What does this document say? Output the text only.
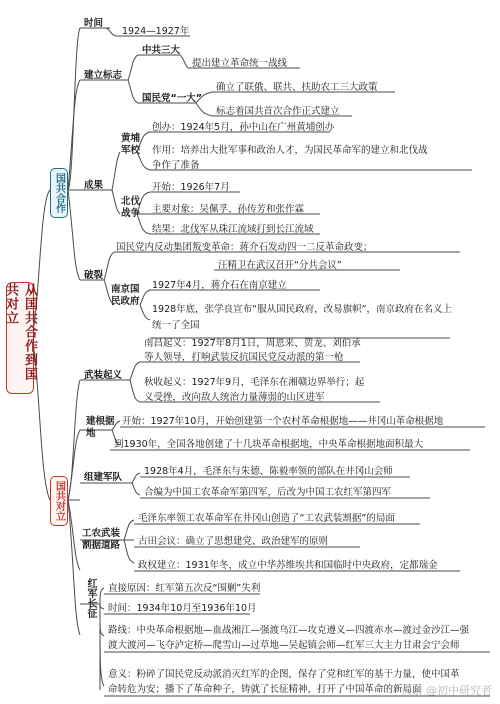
从国共合作到国共对立
国共合作
时间
1924—1927年
建立标志
中共三大
提出建立革命统一战线
国民党“一大”
确立了联俄、联共、扶助农工三大政策
标志着国共首次合作正式建立
成果
黄埔军校
创办：1924年5月，孙中山在广州黄埔创办
作用：培养出大批军事和政治人才，为国民革命军的建立和北伐战
争作了准备
北伐战争
开始：1926年7月
主要对象：吴佩孚、孙传芳和张作霖
结果：北伐军从珠江流域打到长江流域
破裂
国民党内反动集团叛变革命：蒋介石发动四一二反革命政变；
汪精卫在武汉召开“分共会议”
南京国民政府
1927年4月，蒋介石在南京建立
1928年底，张学良宣布“服从国民政府，改易旗帜”，南京政府在名义上
统一了全国
国共对立
武装起义
南昌起义：1927年8月1日，周恩来、贺龙、刘伯承
等人领导，打响武装反抗国民党反动派的第一枪
秋收起义：1927年9月，毛泽东在湘赣边界举行；起
义受挫，改向敌人统治力量薄弱的山区进军
建根据地
开始：1927年10月，开始创建第一个农村革命根据地——井冈山革命根据地
到1930年，全国各地创建了十几块革命根据地，中央革命根据地面积最大
组建军队
1928年4月，毛泽东与朱德、陈毅率领的部队在井冈山会师
合编为中国工农革命军第四军，后改为中国工农红军第四军
工农武装割据道路
毛泽东率领工农革命军在井冈山创造了“工农武装割据”的局面
古田会议：确立了思想建党、政治建军的原则
政权建立：1931年冬，成立中华苏维埃共和国临时中央政府，定都瑞金
红军长征 直接原因：红军第五次反“围剿”失利
时间：1934年10月至1936年10月
路线：中央革命根据地—血战湘江—强渡乌江—攻克遵义—四渡赤水—渡过金沙江—强
渡大渡河—飞夺泸定桥—爬雪山—过草地—吴起镇会师—红军三大主力甘肃会宁会师
意义：粉碎了国民党反动派消灭红军的企图，保存了党和红军的基干力量，使中国革
命转危为安；播下了革命种子，铸就了长征精神，打开了中国革命的新局面
头条 @初中研究者
